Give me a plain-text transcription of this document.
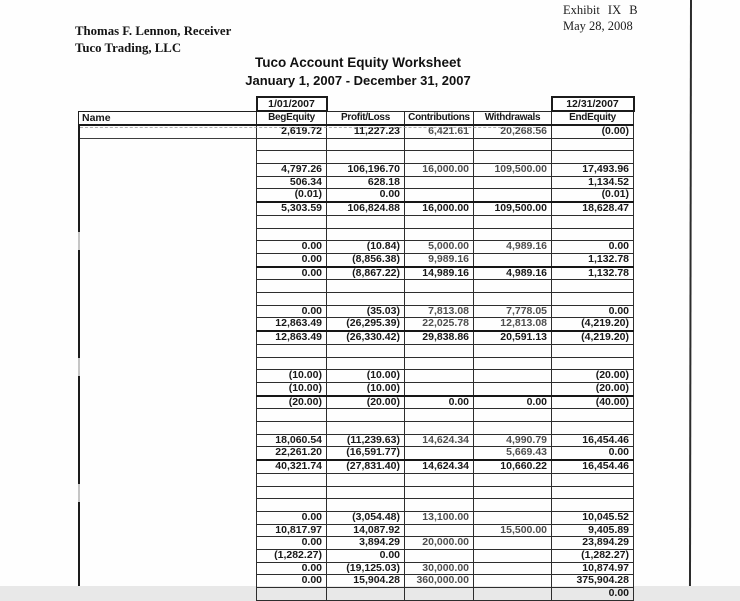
Exhibit IX B
May 28, 2008
Thomas F. Lennon, Receiver
Tuco Trading, LLC
Tuco Account Equity Worksheet
January 1, 2007 - December 31, 2007
	1/01/2007				12/31/2007
Name	BegEquity	Profit/Loss	Contributions	Withdrawals	EndEquity
	2,619.72	11,227.23	6,421.61	20,268.56	(0.00)

	4,797.26	106,196.70	16,000.00	109,500.00	17,493.96
	506.34	628.18			1,134.52
	(0.01)	0.00			(0.01)
	5,303.59	106,824.88	16,000.00	109,500.00	18,628.47

	0.00	(10.84)	5,000.00	4,989.16	0.00
	0.00	(8,856.38)	9,989.16		1,132.78
	0.00	(8,867.22)	14,989.16	4,989.16	1,132.78

	0.00	(35.03)	7,813.08	7,778.05	0.00
	12,863.49	(26,295.39)	22,025.78	12,813.08	(4,219.20)
	12,863.49	(26,330.42)	29,838.86	20,591.13	(4,219.20)

	(10.00)	(10.00)			(20.00)
	(10.00)	(10.00)			(20.00)
	(20.00)	(20.00)	0.00	0.00	(40.00)

	18,060.54	(11,239.63)	14,624.34	4,990.79	16,454.46
	22,261.20	(16,591.77)		5,669.43	0.00
	40,321.74	(27,831.40)	14,624.34	10,660.22	16,454.46

	0.00	(3,054.48)	13,100.00		10,045.52
	10,817.97	14,087.92		15,500.00	9,405.89
	0.00	3,894.29	20,000.00		23,894.29
	(1,282.27)	0.00			(1,282.27)
	0.00	(19,125.03)	30,000.00		10,874.97
	0.00	15,904.28	360,000.00		375,904.28
					0.00
